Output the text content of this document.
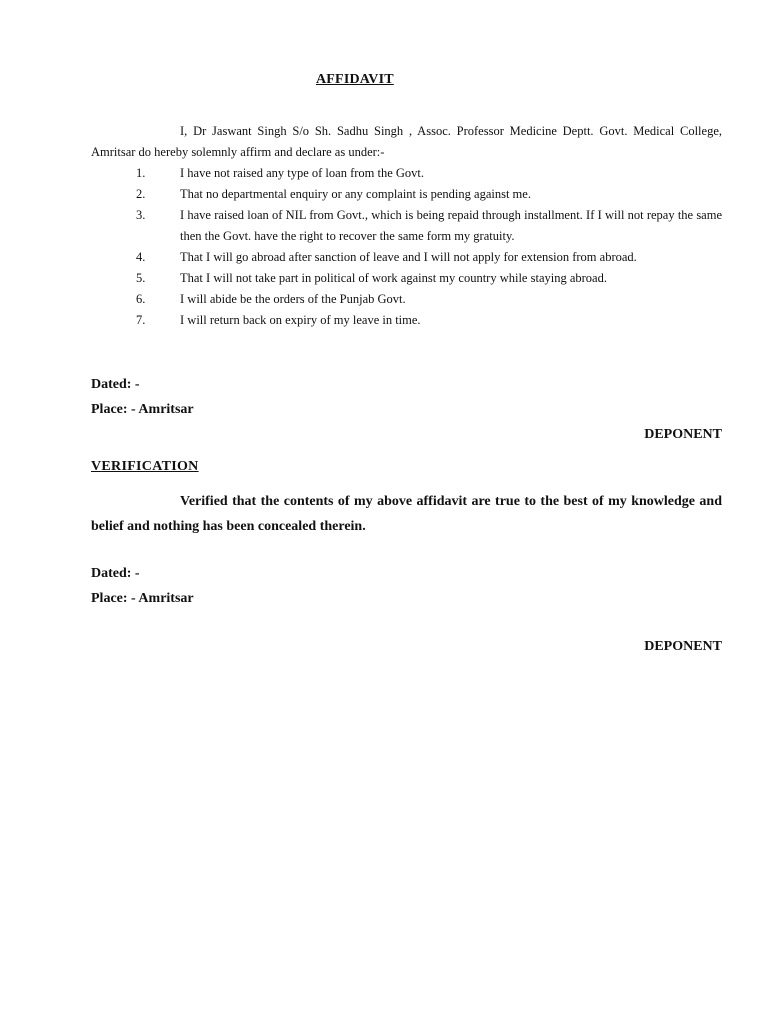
AFFIDAVIT

I, Dr Jaswant Singh S/o Sh. Sadhu Singh , Assoc. Professor Medicine Deptt. Govt. Medical College, Amritsar do hereby solemnly affirm and declare as under:-

1.	I have not raised any type of loan from the Govt.
2.	That no departmental enquiry or any complaint is pending against me.
3.	I have raised loan of NIL from Govt., which is being repaid through installment. If I will not repay the same then the Govt. have the right to recover the same form my gratuity.
4.	That I will go abroad after sanction of leave and I will not apply for extension from abroad.
5.	That I will not take part in political of work against my country while staying abroad.
6.	I will abide be the orders of the Punjab Govt.
7.	I will return back on expiry of my leave in time.
Dated: -
Place: - Amritsar
DEPONENT
VERIFICATION

Verified that the contents of my above affidavit are true to the best of my knowledge and belief and nothing has been concealed therein.

Dated: -
Place: - Amritsar
DEPONENT
